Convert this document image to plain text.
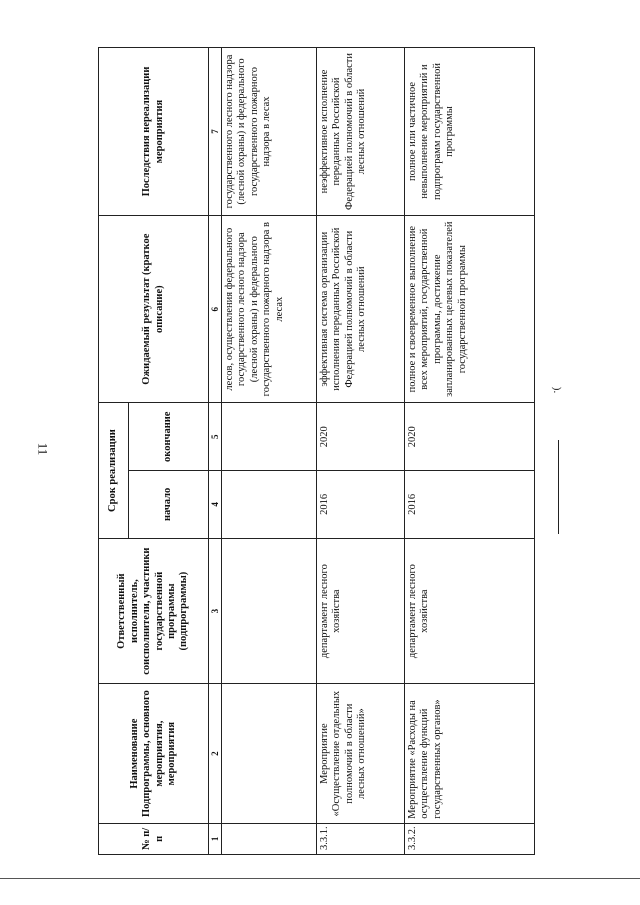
11
).
№ п/п	Наименование Подпрограммы, основного мероприятия, мероприятия	Ответственный исполнитель, соисполнители, участники государственной программы (подпрограммы)	Срок реализации		Ожидаемый результат (краткое описание)	Последствия нереализации мероприятия
			начало	окончание		
1	2	3	4	5	6	7
					лесов, осуществления федерального государственного лесного надзора (лесной охраны) и федерального государственного пожарного надзора в лесах	государственного лесного надзора (лесной охраны) и федерального государственного пожарного надзора в лесах
3.3.1.	Мероприятие «Осуществление отдельных полномочий в области лесных отношений»	департамент лесного хозяйства	2016	2020	эффективная система организации исполнения переданных Российской Федерацией полномочий в области лесных отношений	неэффективное исполнение переданных Российской Федерацией полномочий в области лесных отношений
3.3.2.	Мероприятие «Расходы на осуществление функций государственных органов»	департамент лесного хозяйства	2016	2020	полное и своевременное выполнение всех мероприятий, государственной программы, достижение запланированных целевых показателей государственной программы	полное или частичное невыполнение мероприятий и подпрограмм государственной программы
